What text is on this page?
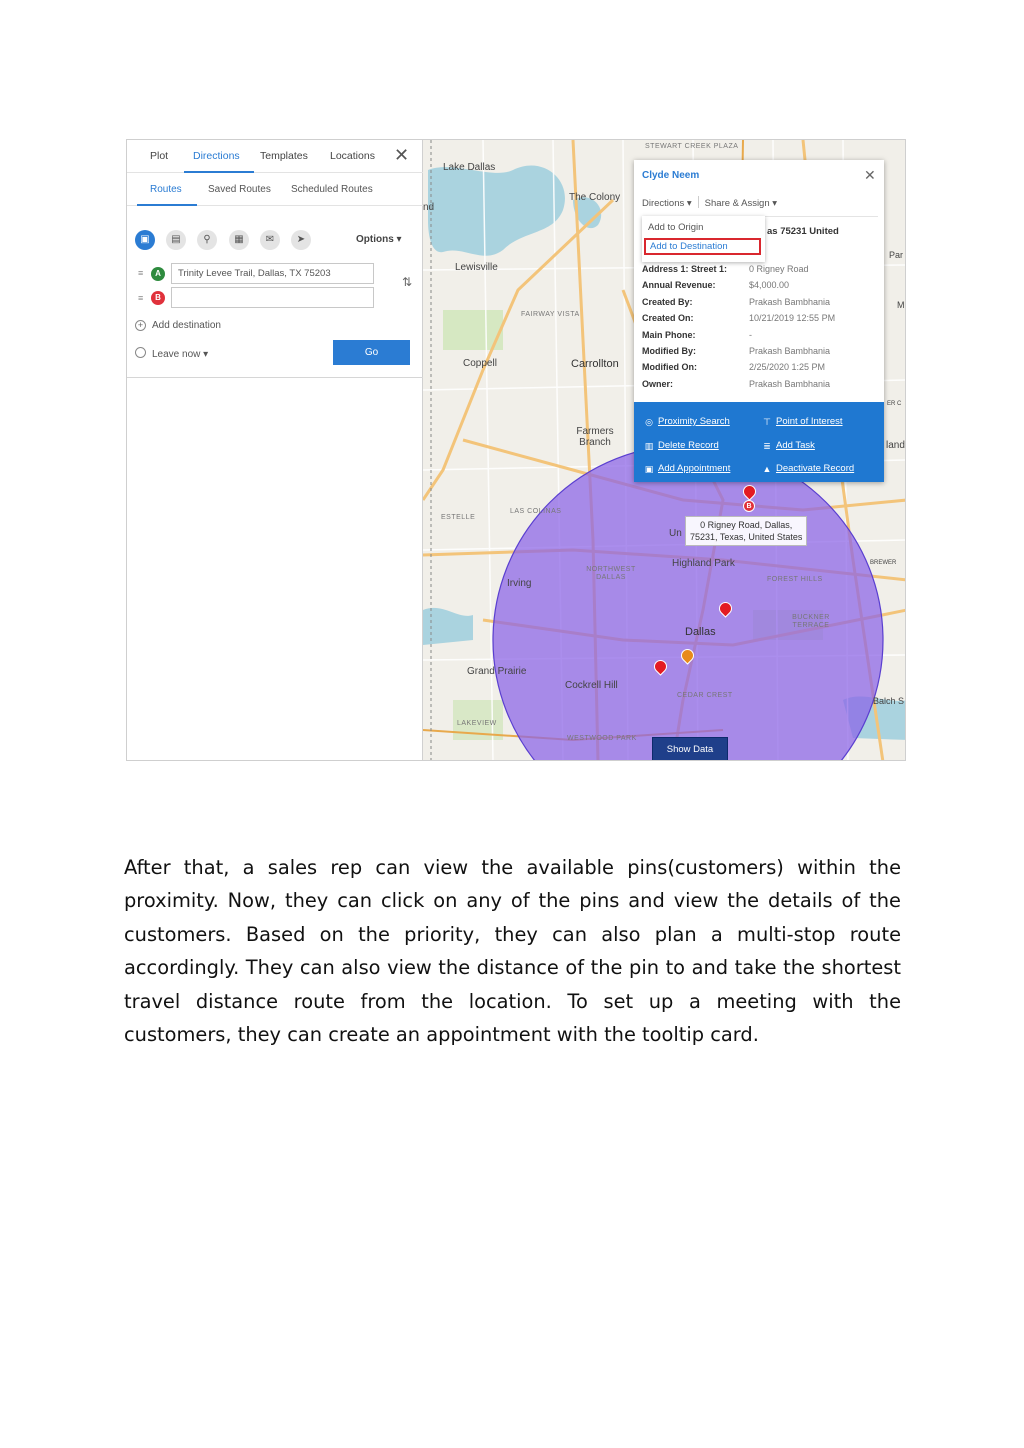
Plot Directions Templates Locations ✕
Routes	Saved Routes Scheduled Routes
▣	▤	⚲	▦	✉	➤	Options ▾
≡	A
Trinity Levee Trail, Dallas, TX 75203
≡	B
⇅
+ Add destination
Leave now ▾	Go
STEWART CREEK PLAZA
Lake Dallas
The Colony
nd
Lewisville
FAIRWAY VISTA
Coppell	Carrollton
Farmers Branch
ESTELLE
LAS COLINAS
Un
Irving
Highland Park
FOREST HILLS
NORTHWEST DALLAS
BREWER
Dallas
BUCKNER TERRACE
Grand Prairie
Cockrell Hill
CEDAR CREST
Balch S
LAKEVIEW
WESTWOOD PARK
Par
M
ER C
land
B
0 Rigney Road, Dallas,
75231, Texas, United States
Show Data
Clyde Neem	✕
Directions ▾ Share & Assign ▾
as 75231 United
Address 1: Street 1: 0 Rigney Road
Annual Revenue:	$4,000.00
Created By:	Prakash Bambhania
Created On:	10/21/2019 12:55 PM
Main Phone:	-
Modified By:	Prakash Bambhania
Modified On:	2/25/2020 1:25 PM
Owner:	Prakash Bambhania
Add to Origin
Add to Destination
◎ Proximity Search	⊤ Point of Interest
▥ Delete Record	≣ Add Task
▣ Add Appointment	▲ Deactivate Record

After that, a sales rep can view the available pins(customers) within the proximity. Now, they can click on any of the pins and view the details of the customers. Based on the priority, they can also plan a multi-stop route accordingly. They can also view the distance of the pin to and take the shortest travel distance route from the location. To set up a meeting with the customers, they can create an appointment with the tooltip card.
